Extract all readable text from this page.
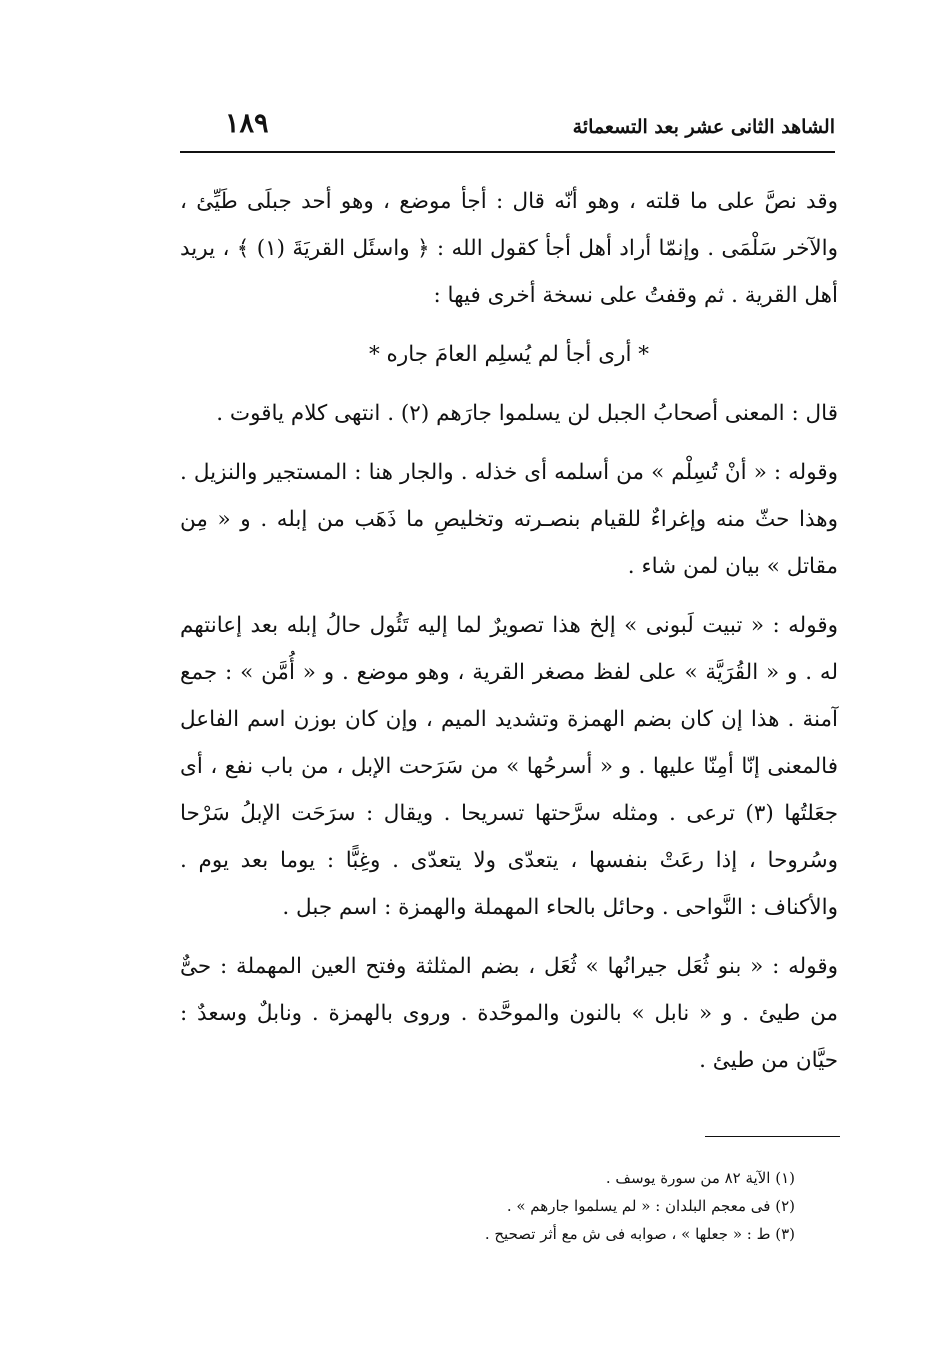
الشاهد الثانى عشر بعد التسعمائة
١٨٩

وقد نصَّ على ما قلته ، وهو أنّه قال : أجأ موضع ، وهو أحد جبلَى طَيِّئ ، والآخر سَلْمَى . وإنمّا أراد أهل أجأ كقول الله : ﴿ واسئَل القريَةَ (١) ﴾ ، يريد أهل القرية . ثم وقفتُ على نسخة أخرى فيها :

* أرى أجأ لم يُسلِم العامَ جاره *

قال : المعنى أصحابُ الجبل لن يسلموا جارَهم (٢) . انتهى كلام ياقوت .

وقوله : « أنْ تُسِلْم » من أسلمه أى خذله . والجار هنا : المستجير والنزيل . وهذا حثّ منه وإغراءٌ للقيام بنصـرته وتخليصِ ما ذَهَب من إبله . و « مِن مقاتل » بيان لمن شاء .

وقوله : « تبيت لَبونى » إلخ هذا تصويرٌ لما إليه تَئُول حالُ إبله بعد إعانتهم له . و « القُرَيَّة » على لفظ مصغر القرية ، وهو موضع . و « أُمَّن » : جمع آمنة . هذا إن كان بضم الهمزة وتشديد الميم ، وإن كان بوزن اسم الفاعل فالمعنى إنّا أمِنّا عليها . و « أسرحُها » من سَرَحت الإبل ، من باب نفع ، أى جعَلتُها (٣) ترعى . ومثله سرَّحتها تسريحا . ويقال : سرَحَت الإبلُ سَرْحا وسُروحا ، إذا رعَتْ بنفسها ، يتعدّى ولا يتعدّى . وغِبًّا : يوما بعد يوم . والأكناف : النَّواحى . وحائل بالحاء المهملة والهمزة : اسم جبل .

وقوله : « بنو ثُعَل جيرانُها » ثُعَل ، بضم المثلثة وفتح العين المهملة : حىٌّ من طيئ . و « نابل » بالنون والموحَّدة . وروى بالهمزة . ونابلٌ وسعدٌ : حيَّان من طيئ .

(١) الآية ٨٢ من سورة يوسف .

(٢) فى معجم البلدان : « لم يسلموا جارهم » .

(٣) ط : « جعلها » ، صوابه فى ش مع أثر تصحيح .
